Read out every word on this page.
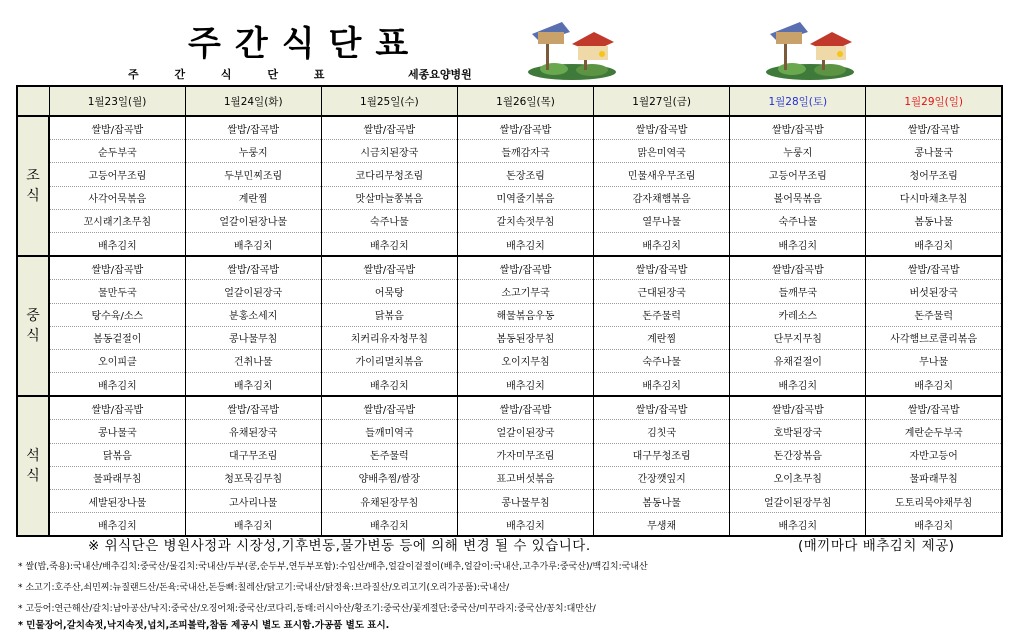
주간식단표
주 간 식 단 표	세종요양병원
	1월23일(월)	1월24일(화)	1월25일(수)	1월26일(목)	1월27일(금)	1월28일(토)	1월29일(일)
조
식	쌀밥/잡곡밥	쌀밥/잡곡밥	쌀밥/잡곡밥	쌀밥/잡곡밥	쌀밥/잡곡밥	쌀밥/잡곡밥	쌀밥/잡곡밥
	순두부국	누룽지	시금치된장국	들깨감자국	맑은미역국	누룽지	콩나물국
	고등어무조림	두부민찌조림	코다리무청조림	돈장조림	민물새우무조림	고등어무조림	청어무조림
	사각어묵볶음	계란찜	맛살마늘쫑볶음	미역줄기볶음	감자채햄볶음	볼어묵볶음	다시마채초무침
	꼬시래기초무침	얼갈이된장나물	숙주나물	갈치속젓무침	열무나물	숙주나물	봄동나물
	배추김치	배추김치	배추김치	배추김치	배추김치	배추김치	배추김치
중
식	쌀밥/잡곡밥	쌀밥/잡곡밥	쌀밥/잡곡밥	쌀밥/잡곡밥	쌀밥/잡곡밥	쌀밥/잡곡밥	쌀밥/잡곡밥
	물만두국	얼갈이된장국	어묵탕	소고기무국	근대된장국	들깨무국	버섯된장국
	탕수육/소스	분홍소세지	닭볶음	해물볶음우동	돈주물럭	카레소스	돈주물럭
	봄동겉절이	콩나물무침	치커리유자청무침	봄동된장무침	계란찜	단무지무침	사각햄브로콜리볶음
	오이피클	건취나물	가이리멸치볶음	오이지무침	숙주나물	유채겉절이	무나물
	배추김치	배추김치	배추김치	배추김치	배추김치	배추김치	배추김치
석
식	쌀밥/잡곡밥	쌀밥/잡곡밥	쌀밥/잡곡밥	쌀밥/잡곡밥	쌀밥/잡곡밥	쌀밥/잡곡밥	쌀밥/잡곡밥
	콩나물국	유채된장국	들깨미역국	얼갈이된장국	김칫국	호박된장국	계란순두부국
	닭볶음	대구무조림	돈주물럭	가자미무조림	대구무청조림	돈간장볶음	자반고등어
	물파래무침	청포묵김무침	양배추찜/쌈장	표고버섯볶음	간장깻잎지	오이초무침	물파래무침
	세발된장나물	고사리나물	유채된장무침	콩나물무침	봄동나물	얼갈이된장무침	도토리묵야채무침
	배추김치	배추김치	배추김치	배추김치	무생채	배추김치	배추김치
※ 위식단은 병원사정과 시장성,기후변동,물가변동 등에 의해 변경 될 수 있습니다.	(매끼마다 배추김치 제공)
* 쌀(밥,죽용):국내산/배추김치:중국산/물김치:국내산/두부(콩,순두부,연두부포함):수입산/배추,얼갈이겉절이(배추,얼갈이:국내산,고추가루:중국산)/백김치:국내산
* 소고기:호주산,쇠민찌:뉴질랜드산/돈육:국내산,돈등뼈:칠레산/닭고기:국내산/닭정육:브라질산/오리고기(오리가공품):국내산/
* 고등어:연근해산/갈치:남아공산/낙지:중국산/오징어채:중국산/코다리,동태:러시아산/황조기:중국산/꽃게절단:중국산/미꾸라지:중국산/꽁치:대만산/
* 민물장어,갈치속젓,낙지속젓,넙치,조피볼락,참돔 제공시 별도 표시함.가공품 별도 표시.
